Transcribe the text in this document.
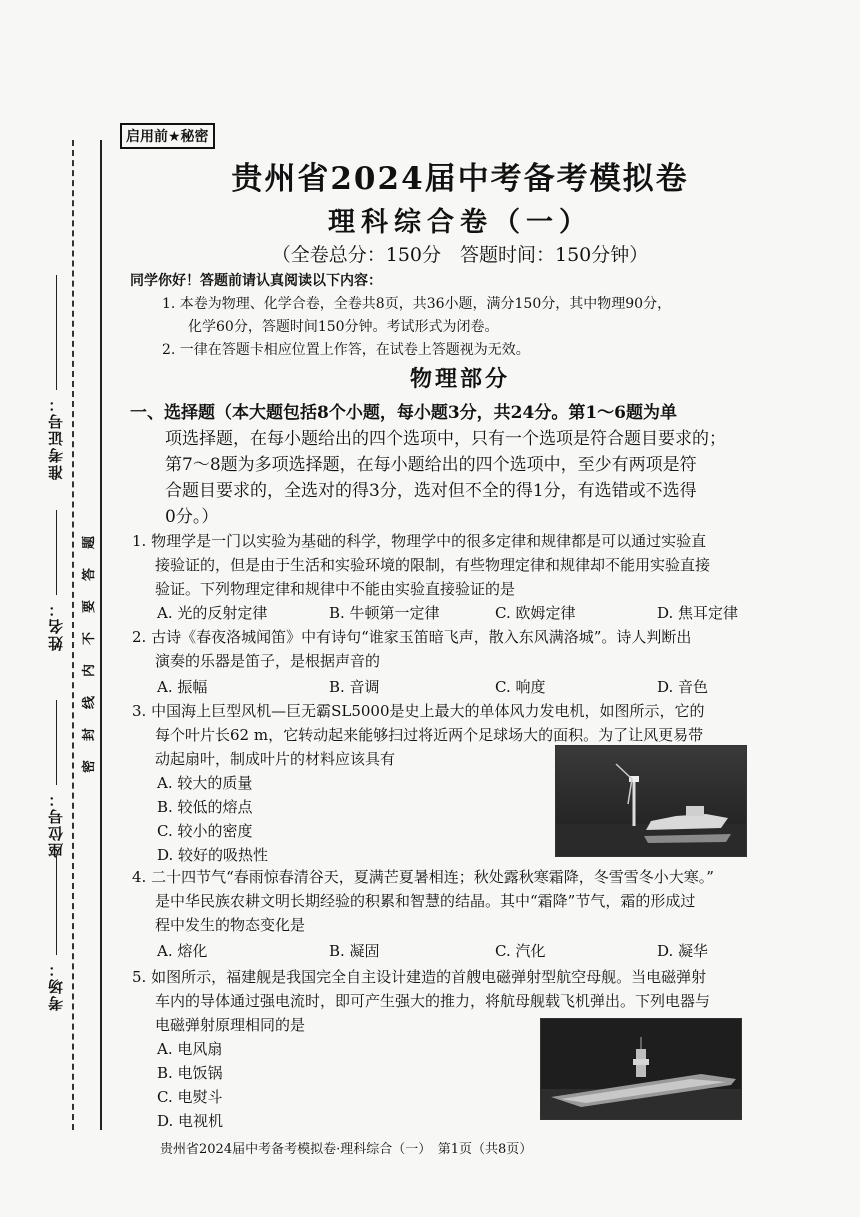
准考证号：
姓名：
座位号：
考场：
密
封
线
内
不
要
答
题
启用前★秘密
贵州省2024届中考备考模拟卷
理科综合卷（一）
（全卷总分：150分　答题时间：150分钟）
同学你好！答题前请认真阅读以下内容：
1. 本卷为物理、化学合卷，全卷共8页，共36小题，满分150分，其中物理90分，
化学60分，答题时间150分钟。考试形式为闭卷。
2. 一律在答题卡相应位置上作答，在试卷上答题视为无效。
物理部分
一、选择题（本大题包括8个小题，每小题3分，共24分。第1～6题为单
项选择题，在每小题给出的四个选项中，只有一个选项是符合题目要求的；
第7～8题为多项选择题，在每小题给出的四个选项中，至少有两项是符
合题目要求的，全选对的得3分，选对但不全的得1分，有选错或不选得
0分。）
1. 物理学是一门以实验为基础的科学，物理学中的很多定律和规律都是可以通过实验直
接验证的，但是由于生活和实验环境的限制，有些物理定律和规律却不能用实验直接
验证。下列物理定律和规律中不能由实验直接验证的是
A. 光的反射定律	B. 牛顿第一定律	C. 欧姆定律	D. 焦耳定律
2. 古诗《春夜洛城闻笛》中有诗句“谁家玉笛暗飞声，散入东风满洛城”。诗人判断出
演奏的乐器是笛子，是根据声音的
A. 振幅	B. 音调	C. 响度	D. 音色
3. 中国海上巨型风机—巨无霸SL5000是史上最大的单体风力发电机，如图所示，它的
每个叶片长62 m，它转动起来能够扫过将近两个足球场大的面积。为了让风更易带
动起扇叶，制成叶片的材料应该具有
A. 较大的质量
B. 较低的熔点
C. 较小的密度
D. 较好的吸热性
4. 二十四节气“春雨惊春清谷天，夏满芒夏暑相连；秋处露秋寒霜降，冬雪雪冬小大寒。”
是中华民族农耕文明长期经验的积累和智慧的结晶。其中“霜降”节气，霜的形成过
程中发生的物态变化是
A. 熔化	B. 凝固	C. 汽化	D. 凝华
5. 如图所示，福建舰是我国完全自主设计建造的首艘电磁弹射型航空母舰。当电磁弹射
车内的导体通过强电流时，即可产生强大的推力，将航母舰载飞机弹出。下列电器与
电磁弹射原理相同的是
A. 电风扇
B. 电饭锅
C. 电熨斗
D. 电视机
贵州省2024届中考备考模拟卷·理科综合（一）　第1页（共8页）
